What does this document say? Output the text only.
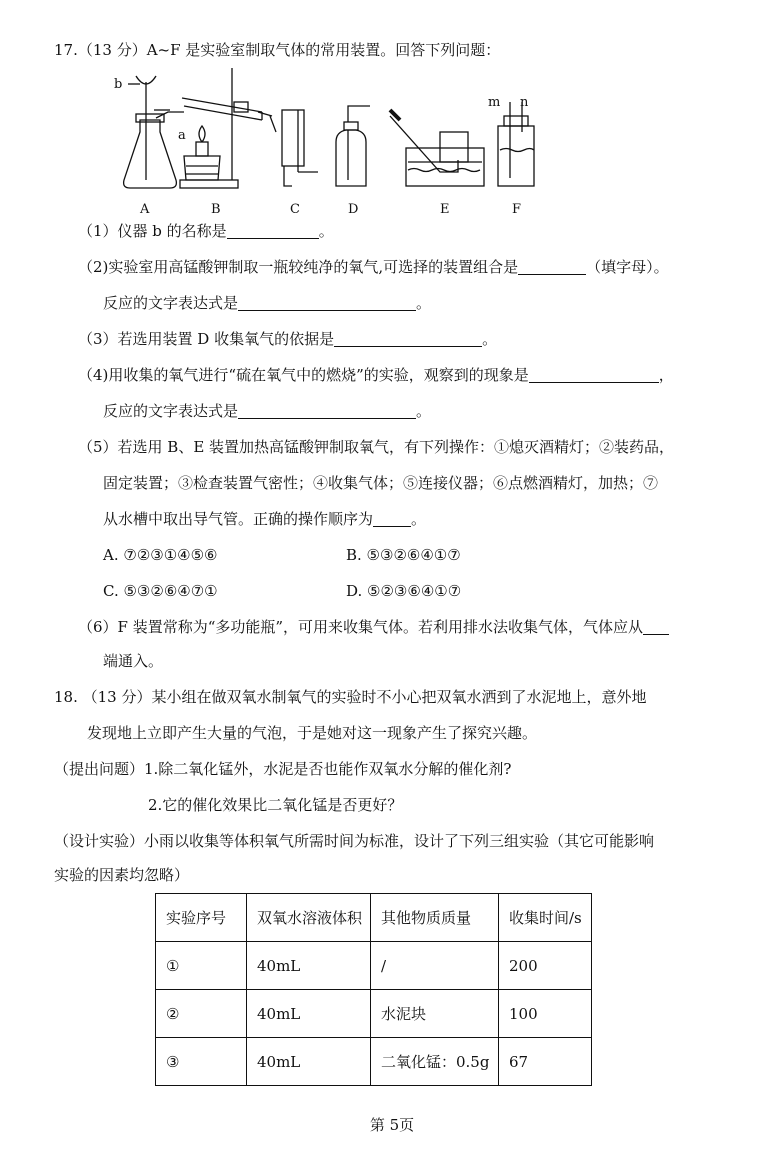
17.（13 分）A~F 是实验室制取气体的常用装置。回答下列问题：
b
a
m n
A	B	C	D	E	F
（1）仪器 b 的名称是	。
（2)实验室用高锰酸钾制取一瓶较纯净的氧气,可选择的装置组合是	（填字母）。
反应的文字表达式是	。
（3）若选用装置 D 收集氧气的依据是	。
（4)用收集的氧气进行“硫在氧气中的燃烧”的实验，观察到的现象是	，
反应的文字表达式是	。
（5）若选用 B、E 装置加热高锰酸钾制取氧气，有下列操作：①熄灭酒精灯；②装药品，
固定装置；③检查装置气密性；④收集气体；⑤连接仪器；⑥点燃酒精灯，加热；⑦
从水槽中取出导气管。正确的操作顺序为	。
A. ⑦②③①④⑤⑥	B. ⑤③②⑥④①⑦
C. ⑤③②⑥④⑦①	D. ⑤②③⑥④①⑦
（6）F 装置常称为“多功能瓶”，可用来收集气体。若利用排水法收集气体，气体应从
端通入。
18. （13 分）某小组在做双氧水制氧气的实验时不小心把双氧水洒到了水泥地上，意外地
发现地上立即产生大量的气泡，于是她对这一现象产生了探究兴趣。
（提出问题）1.除二氧化锰外，水泥是否也能作双氧水分解的催化剂?
2.它的催化效果比二氧化锰是否更好？
（设计实验）小雨以收集等体积氧气所需时间为标准，设计了下列三组实验（其它可能影响
实验的因素均忽略）
实验序号	双氧水溶液体积	其他物质质量	收集时间/s
①	40mL	/	200
②	40mL	水泥块	100
③	40mL	二氧化锰：0.5g	67
第 5页
